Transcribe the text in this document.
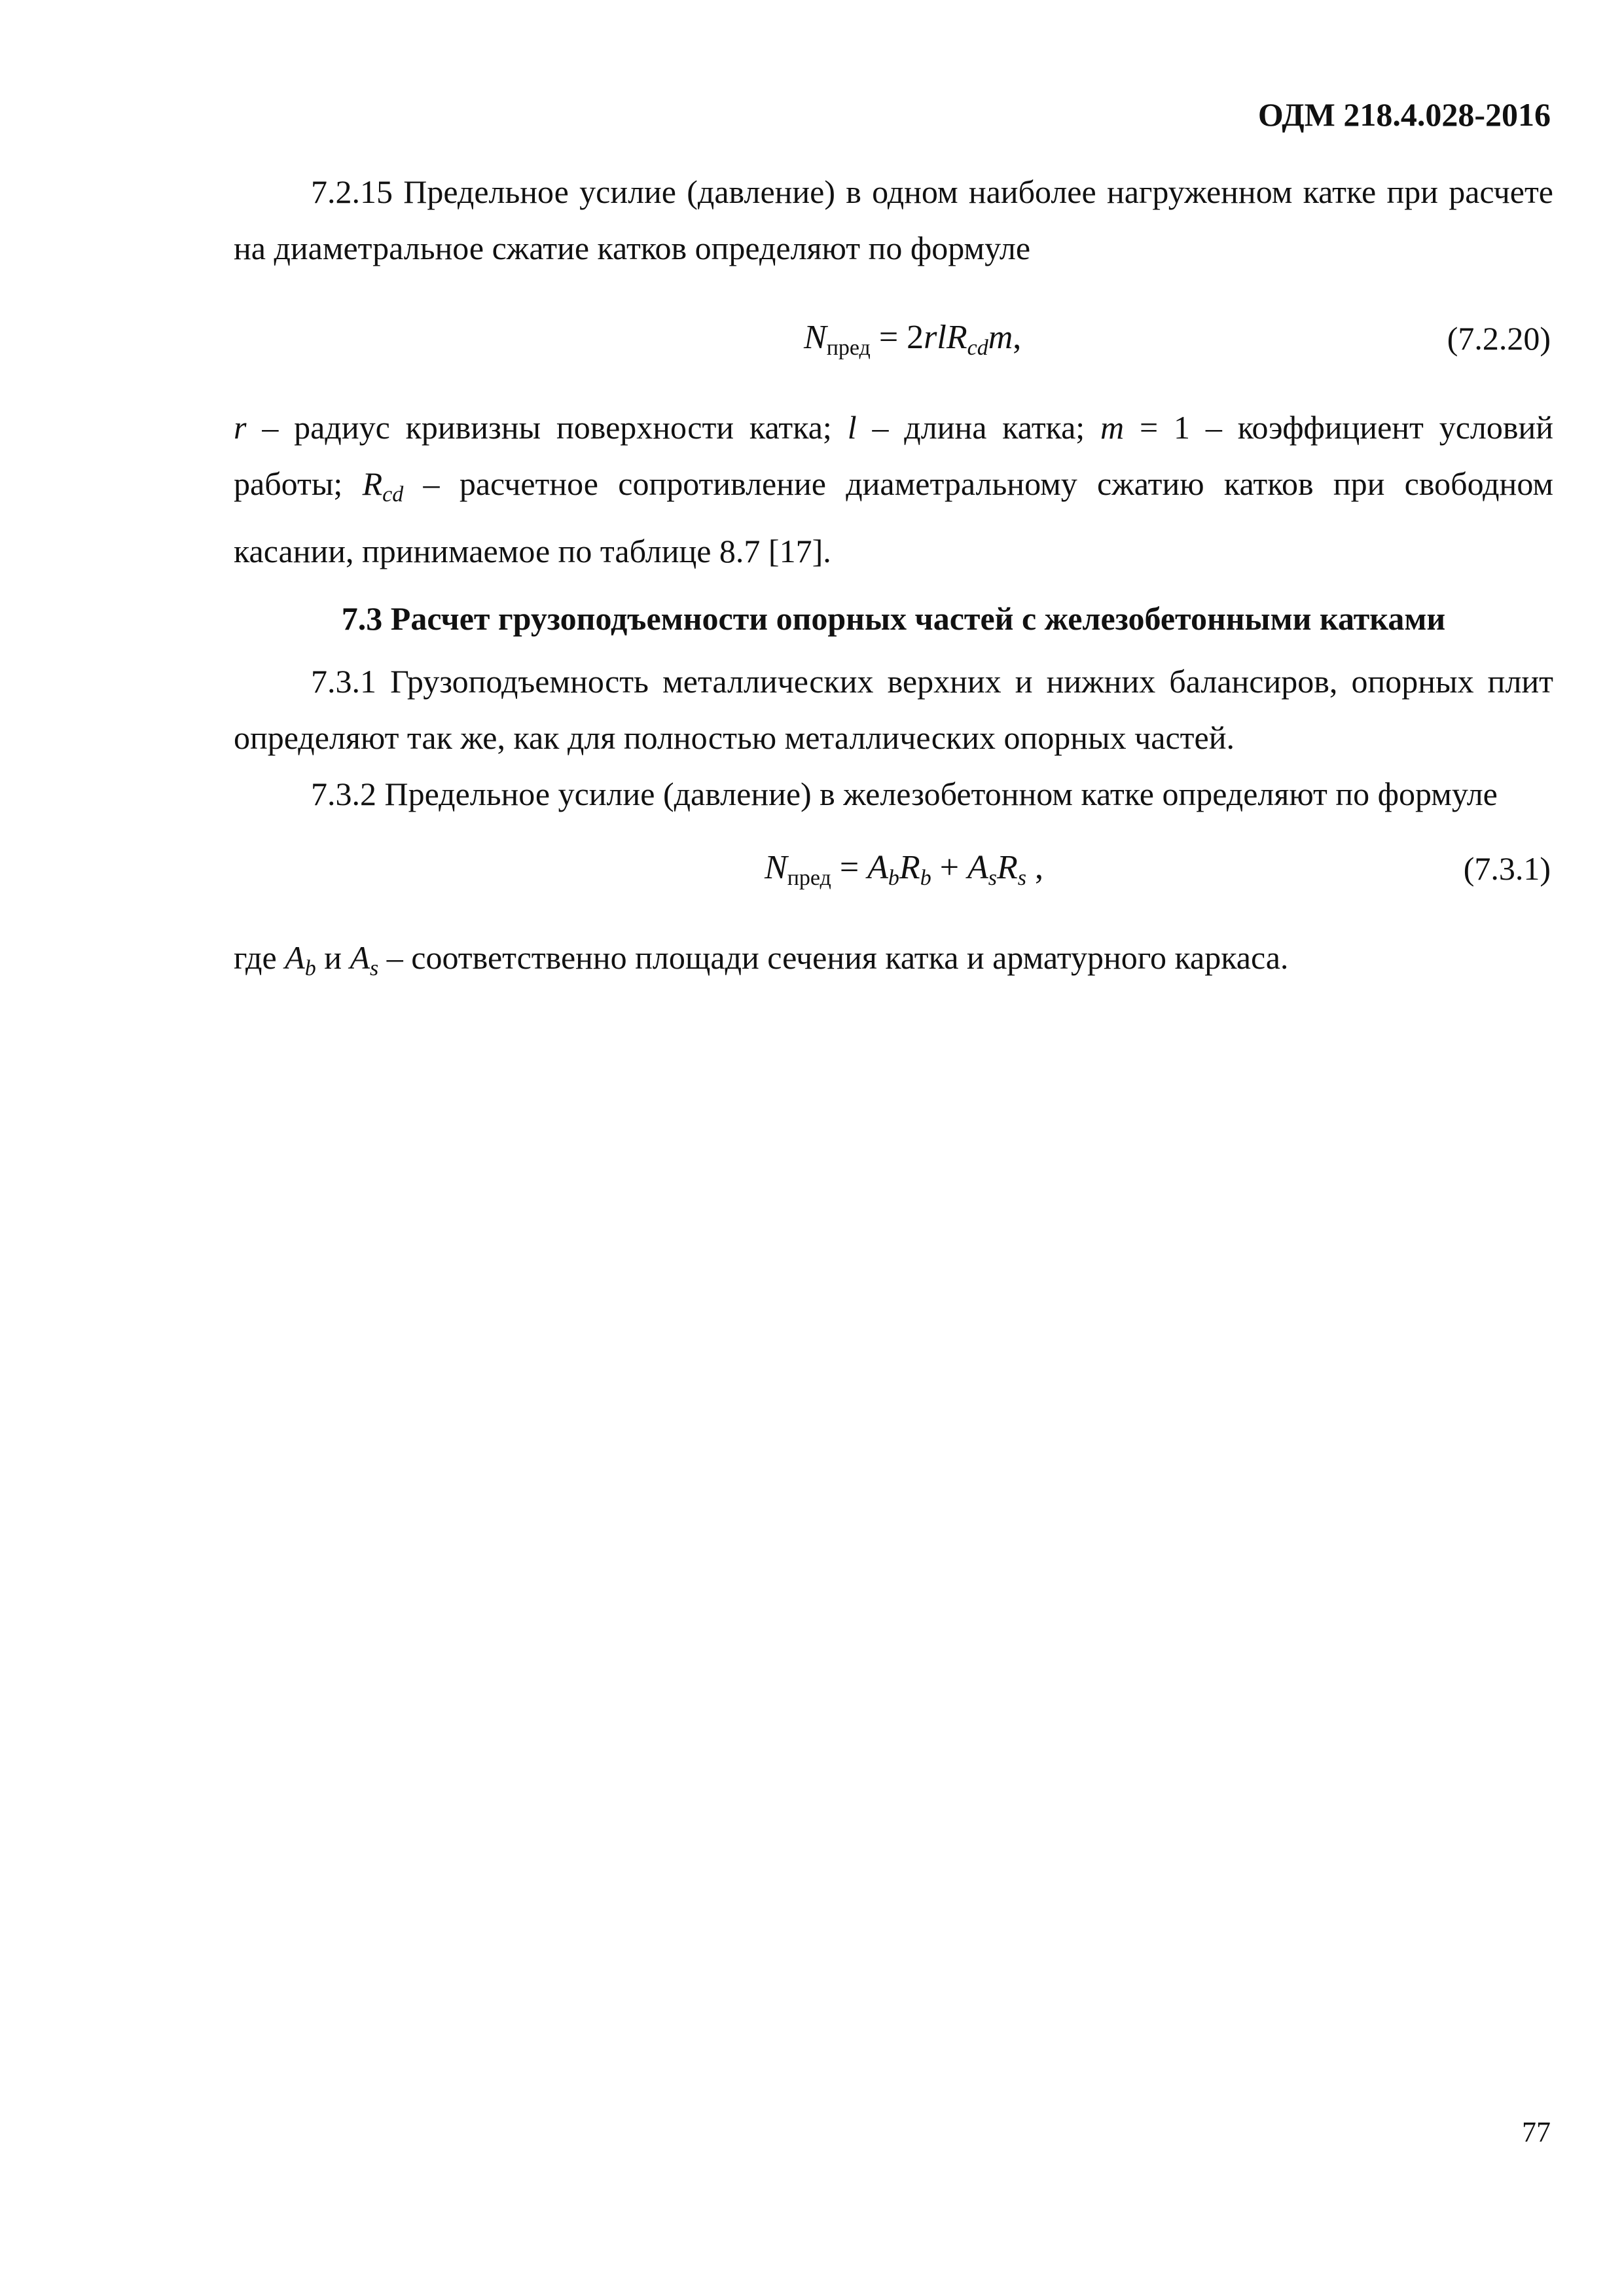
ОДМ 218.4.028-2016
7.2.15 Предельное усилие (давление) в одном наиболее нагруженном катке при расчете на диаметральное сжатие катков определяют по формуле
$N_{пред}$ = 2rlRcdm,	(7.2.20)
r – радиус кривизны поверхности катка; l – длина катка; m = 1 – коэффициент условий работы; $R_{cd}$ – расчетное сопротивление диаметральному сжатию катков при свободном касании, принимаемое по таблице 8.7 [17].
7.3 Расчет грузоподъемности опорных частей с железобетонными катками
7.3.1 Грузоподъемность металлических верхних и нижних балансиров, опорных плит определяют так же, как для полностью металлических опорных частей.
7.3.2 Предельное усилие (давление) в железобетонном катке определяют по формуле
$N_{пред}$ = AbRb + AsRs ,	(7.3.1)
где $A_b$ и $A_s$ – соответственно площади сечения катка и арматурного каркаса.
77
